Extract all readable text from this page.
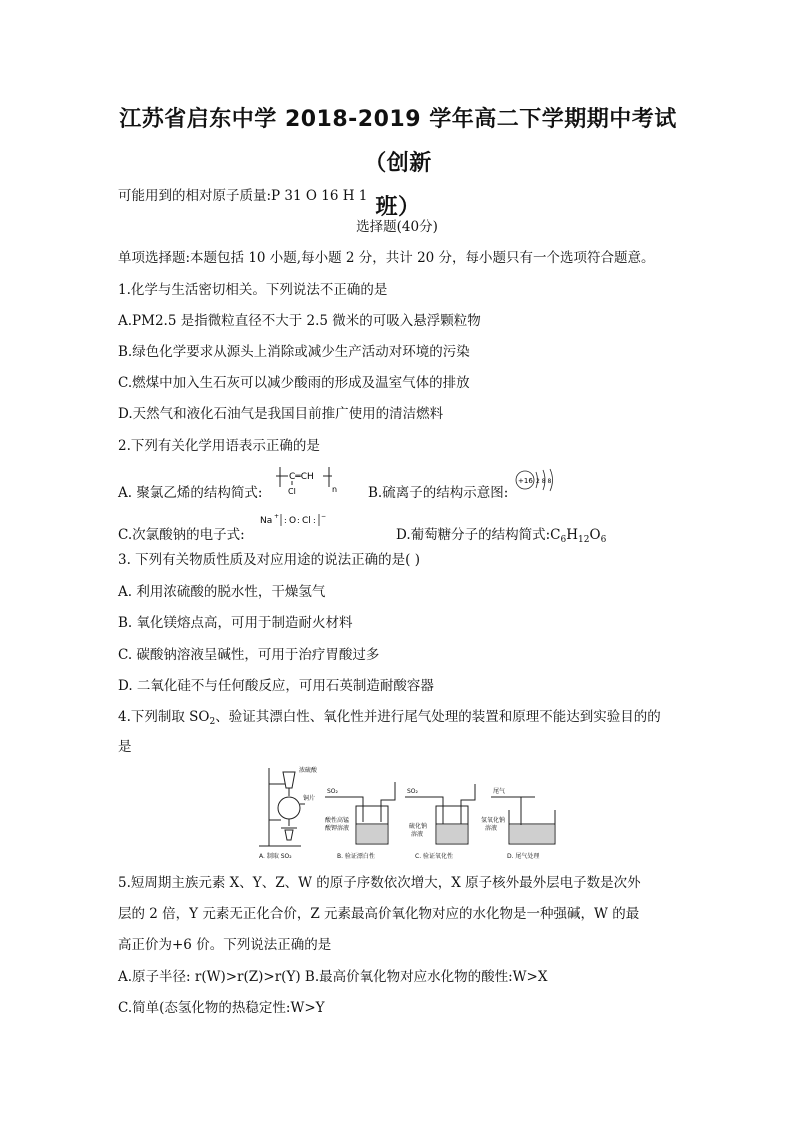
江苏省启东中学 2018-2019 学年高二下学期期中考试（创新
班）
可能用到的相对原子质量:P 31 O 16 H 1
选择题(40分)
单项选择题:本题包括 10 小题,每小题 2 分，共计 20 分，每小题只有一个选项符合题意。
1.化学与生活密切相关。下列说法不正确的是
A.PM2.5 是指微粒直径不大于 2.5 微米的可吸入悬浮颗粒物
B.绿色化学要求从源头上消除或减少生产活动对环境的污染
C.燃煤中加入生石灰可以减少酸雨的形成及温室气体的排放
D.天然气和液化石油气是我国目前推广使用的清洁燃料
2.下列有关化学用语表示正确的是
A. 聚氯乙烯的结构简式:
C═CH
Cl	n B.硫离子的结构示意图:
+16 2 8 8
Na + : O : Cl : −
C.次氯酸钠的电子式:	D.葡萄糖分子的结构简式$:C_6H_{12}O_6$
3. 下列有关物质性质及对应用途的说法正确的是( )
A. 利用浓硫酸的脱水性，干燥氢气
B. 氧化镁熔点高，可用于制造耐火材料
C. 碳酸钠溶液呈碱性，可用于治疗胃酸过多
D. 二氧化硅不与任何酸反应，可用石英制造耐酸容器
4.下列制取 $SO_2$、验证其漂白性、氧化性并进行尾气处理的装置和原理不能达到实验目的的
是
浓硫酸
铜片
A. 制取 SO₂
SO₂
酸性高锰
酸钾溶液
B. 验证漂白性
SO₂
硫化钠
溶液
C. 验证氧化性
尾气
氢氧化钠
溶液
D. 尾气处理
5.短周期主族元素 X、Y、Z、W 的原子序数依次增大，X 原子核外最外层电子数是次外
层的 2 倍，Y 元素无正化合价，Z 元素最高价氧化物对应的水化物是一种强碱，W 的最
高正价为+6 价。下列说法正确的是
A.原子半径: r(W)>r(Z)>r(Y) B.最高价氧化物对应水化物的酸性:W>X
C.简单(态氢化物的热稳定性:W>Y
